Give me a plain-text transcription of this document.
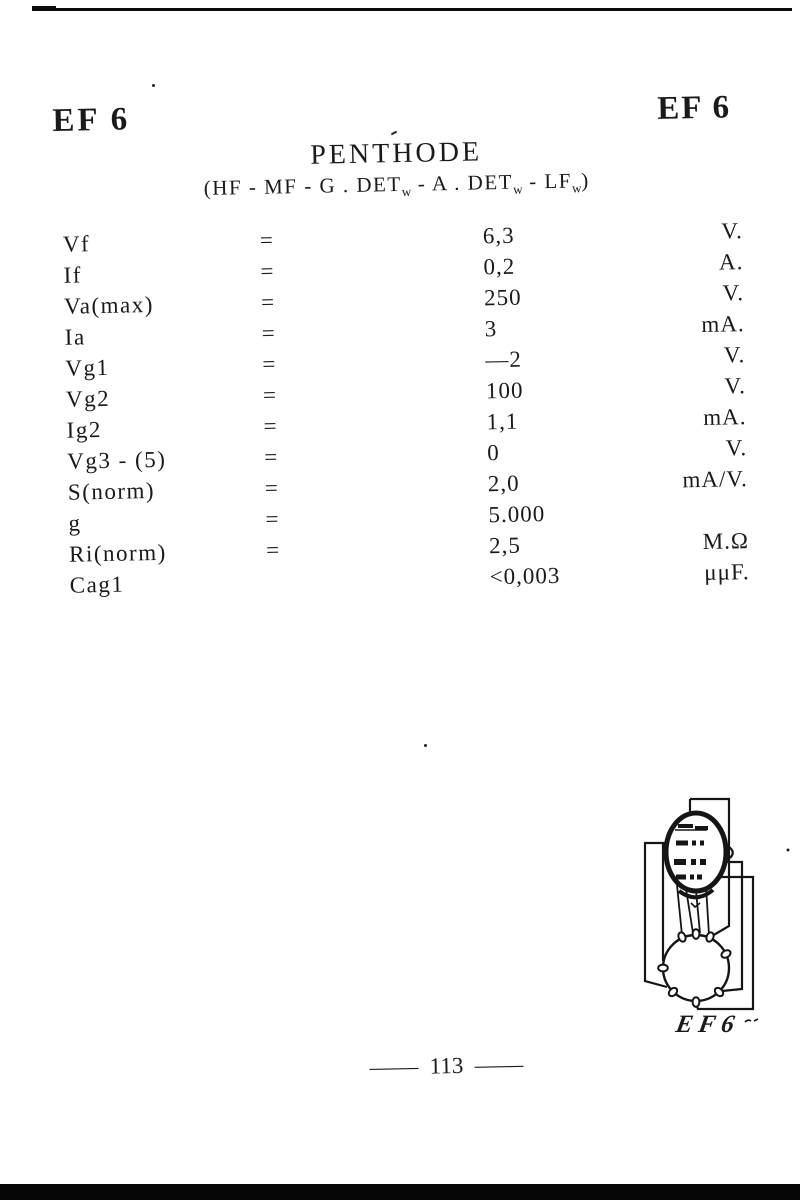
EF 6	EF 6
PENTHODE
(HF - MF - G . $DET_w$ - A . $DET_w - LF_w$)
Vf	=	6,3	V.
If	=	0,2	A.
Va(max)	=	250	V.
Ia	=	3	mA.
Vg1	=	—2	V.
Vg2	=	100	V.
Ig2	=	1,1	mA.
Vg3 - (5)	=	0	V.
S(norm)	=	2,0	mA/V.
g	=	5.000
Ri(norm)	=	2,5	M.Ω
Cag1	<0,003	μμF.
— 113 —
EF6
